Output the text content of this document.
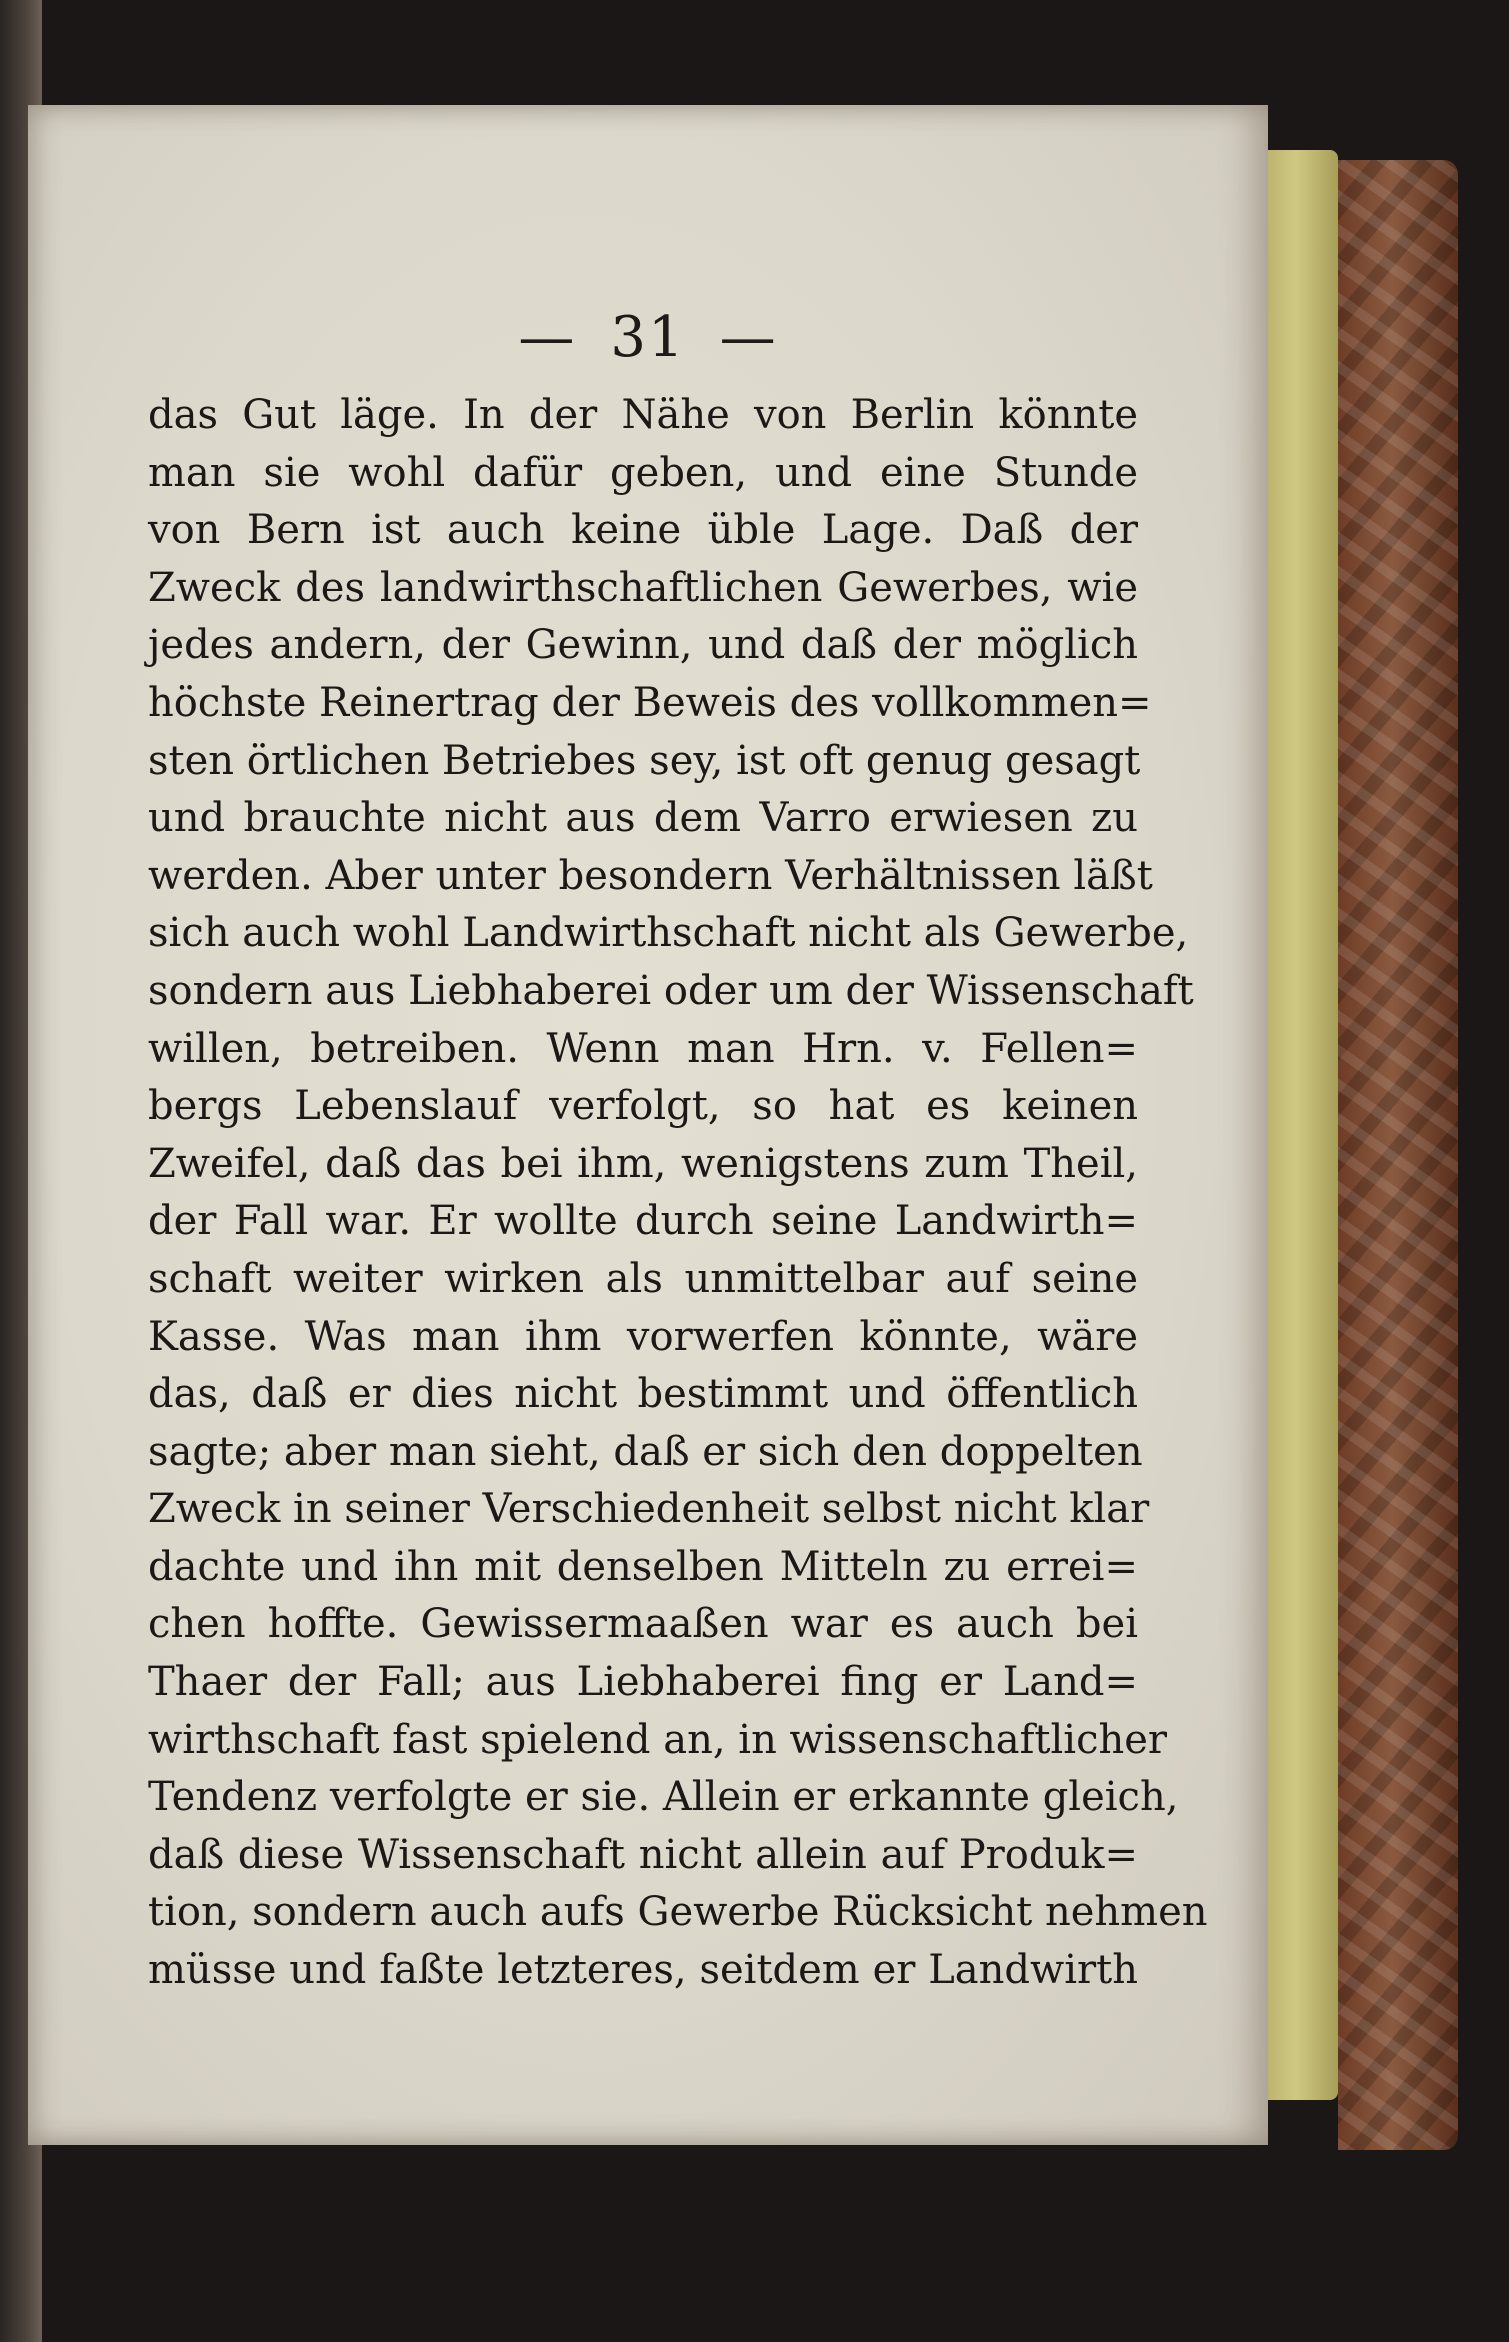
— 31 —
das Gut läge. In der Nähe von Berlin könnte
man sie wohl dafür geben, und eine Stunde
von Bern ist auch keine üble Lage. Daß der
Zweck des landwirthschaftlichen Gewerbes, wie
jedes andern, der Gewinn, und daß der möglich
höchste Reinertrag der Beweis des vollkommen=
sten örtlichen Betriebes sey, ist oft genug gesagt
und brauchte nicht aus dem Varro erwiesen zu
werden. Aber unter besondern Verhältnissen läßt
sich auch wohl Landwirthschaft nicht als Gewerbe,
sondern aus Liebhaberei oder um der Wissenschaft
willen, betreiben. Wenn man Hrn. v. Fellen=
bergs Lebenslauf verfolgt, so hat es keinen
Zweifel, daß das bei ihm, wenigstens zum Theil,
der Fall war. Er wollte durch seine Landwirth=
schaft weiter wirken als unmittelbar auf seine
Kasse. Was man ihm vorwerfen könnte, wäre
das, daß er dies nicht bestimmt und öffentlich
sagte; aber man sieht, daß er sich den doppelten
Zweck in seiner Verschiedenheit selbst nicht klar
dachte und ihn mit denselben Mitteln zu errei=
chen hoffte. Gewissermaaßen war es auch bei
Thaer der Fall; aus Liebhaberei fing er Land=
wirthschaft fast spielend an, in wissenschaftlicher
Tendenz verfolgte er sie. Allein er erkannte gleich,
daß diese Wissenschaft nicht allein auf Produk=
tion, sondern auch aufs Gewerbe Rücksicht nehmen
müsse und faßte letzteres, seitdem er Landwirth
